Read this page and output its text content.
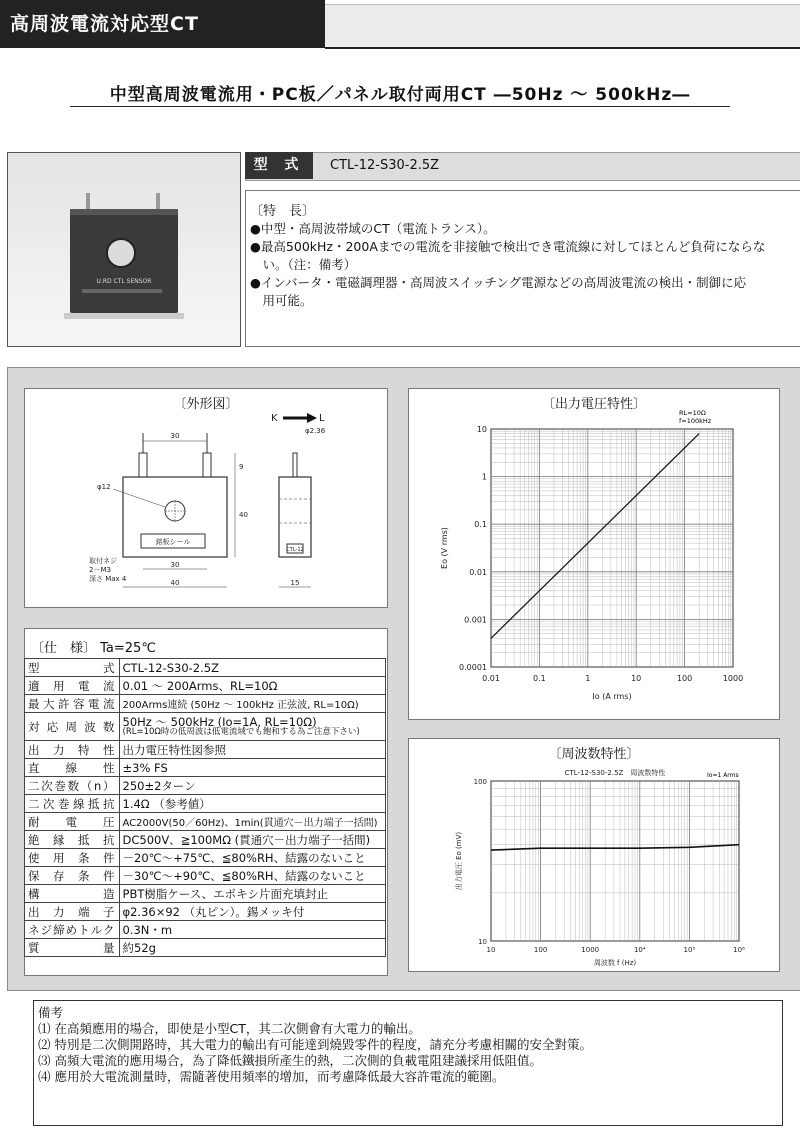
高周波電流対応型CT
中型高周波電流用・PC板／パネル取付両用CT ―50Hz ～ 500kHz―
U.RD CTL SENSOR
型 式	CTL-12-S30-2.5Z
〔特　長〕
●中型・高周波帯域のCT（電流トランス）。
●最高500kHz・200Aまでの電流を非接触で検出でき電流線に対してほとんど負荷にならな
　い。（注：備考）
●インバータ・電磁調理器・高周波スイッチング電源などの高周波電流の検出・制御に応
　用可能。
〔外形図〕
30
φ12
銘板シール
9
40
30
40
取付ネジ
2－M3
深さ Max 4
K	L
φ2.36
CTL-12
15
〔出力電圧特性〕
RL=10Ω
f=100kHz
0.01	0.1	1	10	100	1000
0.0001
0.001
0.01
0.1
1
10
Io (A rms)
Eo (V rms)
〔周波数特性〕
Io=1 Arms
10	100	1000	10⁴	10⁵	10⁶
10
100
周波数 f (Hz)
出力電圧 Eo (mV)
CTL-12-S30-2.5Z　周波数特性
〔仕　様〕 Ta=25℃
型式	CTL-12-S30-2.5Z
適用電流	0.01 ～ 200Arms、RL=10Ω
最大許容電流	200Arms連続 (50Hz ～ 100kHz 正弦波, RL=10Ω)
対応周波数	50Hz ～ 500kHz (Io=1A, RL=10Ω)
(RL=10Ω時の低周波は低電流域でも飽和する為ご注意下さい)

出力特性	出力電圧特性図参照
直線性	±3% FS
二次巻数（n）	250±2ターン
二次巻線抵抗	1.4Ω （参考値）
耐電圧	AC2000V(50／60Hz)、1min(貫通穴－出力端子一括間)
絶縁抵抗	DC500V、≧100MΩ (貫通穴－出力端子一括間)
使用条件	－20℃～+75℃、≦80%RH、結露のないこと
保存条件	－30℃～+90℃、≦80%RH、結露のないこと
構造	PBT樹脂ケース、エポキシ片面充填封止
出力端子	φ2.36×92 （丸ピン）。錫メッキ付
ネジ締めトルク	0.3N・m
質量	約52g
備考
⑴ 在高頻應用的場合，即使是小型CT，其二次側會有大電力的輸出。
⑵ 特別是二次側開路時，其大電力的輸出有可能達到燒毀零件的程度，請充分考慮相關的安全對策。
⑶ 高頻大電流的應用場合，為了降低鐵損所產生的熱，二次側的負載電阻建議採用低阻值。
⑷ 應用於大電流測量時，需隨著使用頻率的增加，而考慮降低最大容許電流的範圍。
